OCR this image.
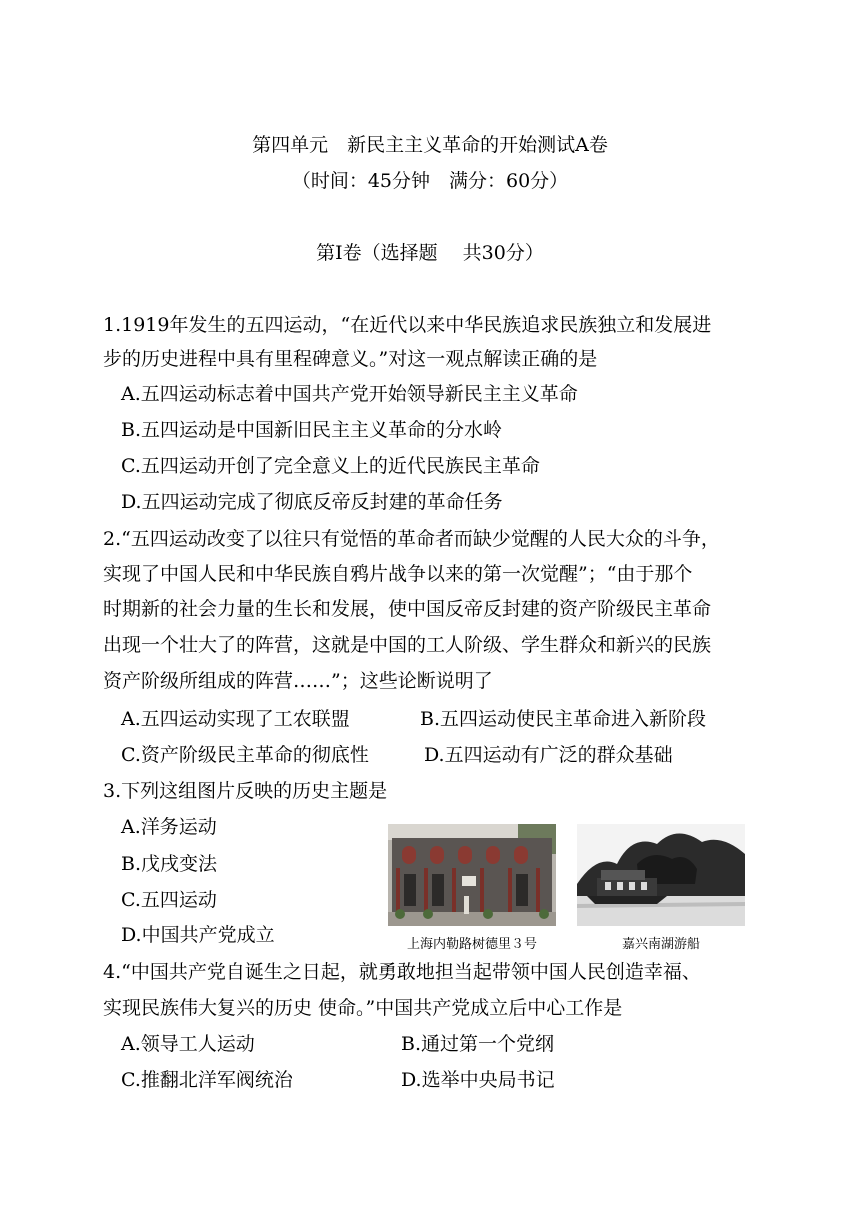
第四单元　新民主主义革命的开始测试A卷
（时间：45分钟　满分：60分）
第Ⅰ卷（选择题　 共30分）
1.1919年发生的五四运动，“在近代以来中华民族追求民族独立和发展进
步的历史进程中具有里程碑意义。”对这一观点解读正确的是
A.五四运动标志着中国共产党开始领导新民主主义革命
B.五四运动是中国新旧民主主义革命的分水岭
C.五四运动开创了完全意义上的近代民族民主革命
D.五四运动完成了彻底反帝反封建的革命任务
2.“五四运动改变了以往只有觉悟的革命者而缺少觉醒的人民大众的斗争，
实现了中国人民和中华民族自鸦片战争以来的第一次觉醒”；“由于那个
时期新的社会力量的生长和发展，使中国反帝反封建的资产阶级民主革命
出现一个壮大了的阵营，这就是中国的工人阶级、学生群众和新兴的民族
资产阶级所组成的阵营……”；这些论断说明了
A.五四运动实现了工农联盟	B.五四运动使民主革命进入新阶段
C.资产阶级民主革命的彻底性	D.五四运动有广泛的群众基础
3.下列这组图片反映的历史主题是
A.洋务运动
B.戊戌变法
C.五四运动
D.中国共产党成立	上海内勒路树德里３号	嘉兴南湖游船
4.“中国共产党自诞生之日起，就勇敢地担当起带领中国人民创造幸福、
实现民族伟大复兴的历史 使命。”中国共产党成立后中心工作是
A.领导工人运动	B.通过第一个党纲
C.推翻北洋军阀统治	D.选举中央局书记
